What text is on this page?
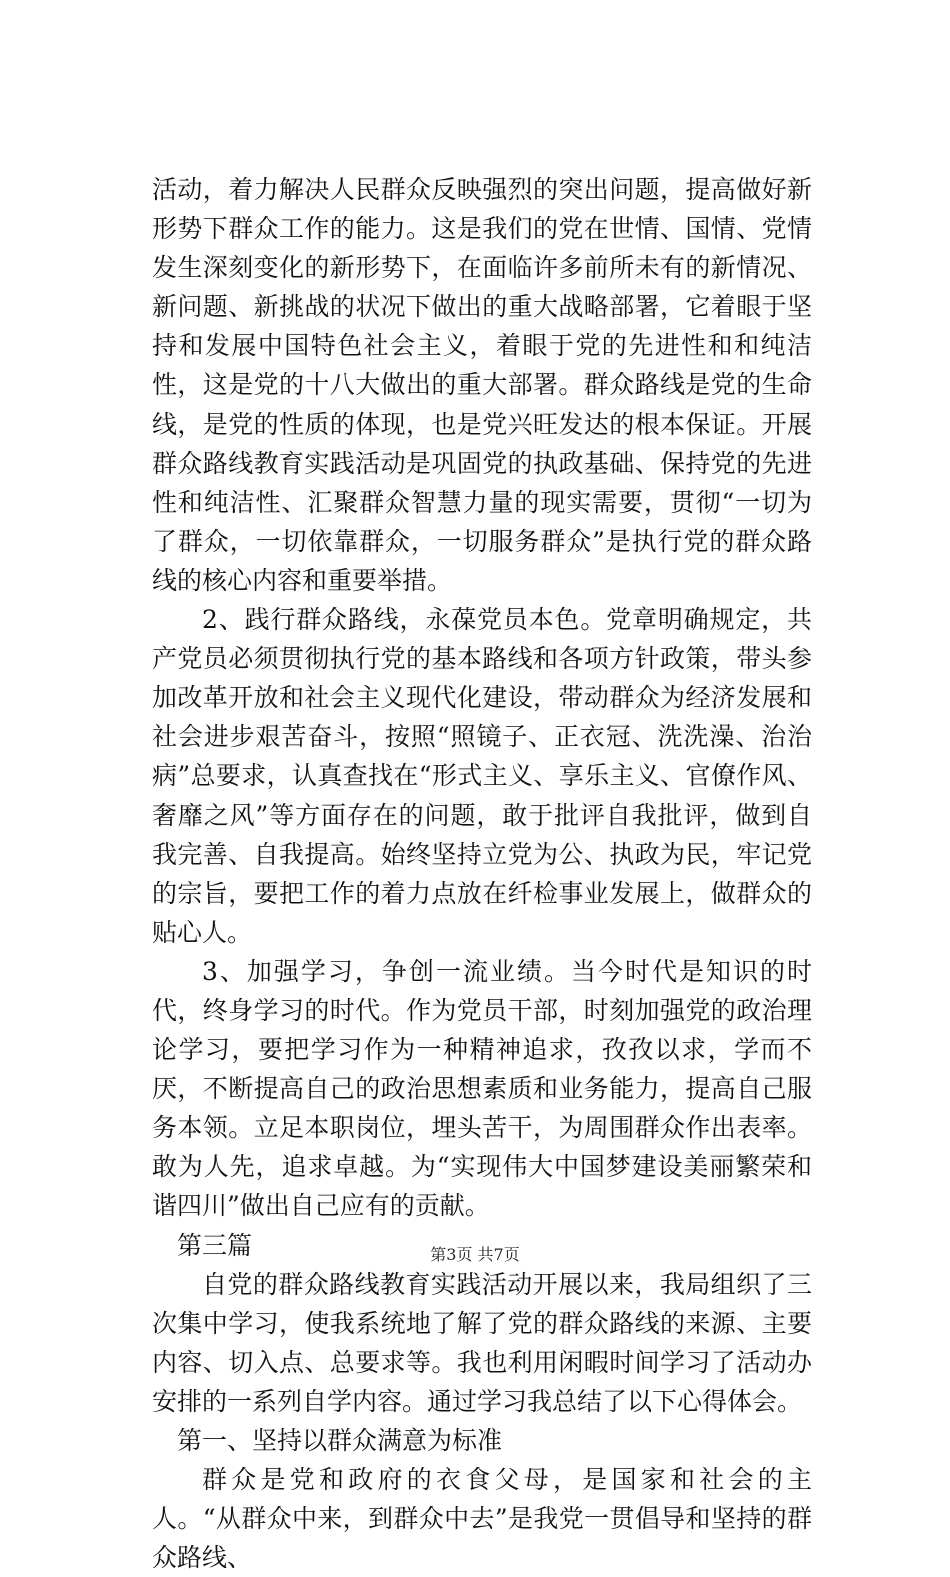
活动，着力解决人民群众反映强烈的突出问题，提高做好新形势下群众工作的能力。这是我们的党在世情、国情、党情发生深刻变化的新形势下，在面临许多前所未有的新情况、新问题、新挑战的状况下做出的重大战略部署，它着眼于坚持和发展中国特色社会主义，着眼于党的先进性和和纯洁性，这是党的十八大做出的重大部署。群众路线是党的生命线，是党的性质的体现，也是党兴旺发达的根本保证。开展群众路线教育实践活动是巩固党的执政基础、保持党的先进性和纯洁性、汇聚群众智慧力量的现实需要，贯彻“一切为了群众，一切依靠群众，一切服务群众”是执行党的群众路线的核心内容和重要举措。

2、践行群众路线，永葆党员本色。党章明确规定，共产党员必须贯彻执行党的基本路线和各项方针政策，带头参加改革开放和社会主义现代化建设，带动群众为经济发展和社会进步艰苦奋斗，按照“照镜子、正衣冠、洗洗澡、治治病”总要求，认真查找在“形式主义、享乐主义、官僚作风、奢靡之风”等方面存在的问题，敢于批评自我批评，做到自我完善、自我提高。始终坚持立党为公、执政为民，牢记党的宗旨，要把工作的着力点放在纤检事业发展上，做群众的贴心人。

3、加强学习，争创一流业绩。当今时代是知识的时代，终身学习的时代。作为党员干部，时刻加强党的政治理论学习，要把学习作为一种精神追求，孜孜以求，学而不厌，不断提高自己的政治思想素质和业务能力，提高自己服务本领。立足本职岗位，埋头苦干，为周围群众作出表率。敢为人先，追求卓越。为“实现伟大中国梦建设美丽繁荣和谐四川”做出自己应有的贡献。

第三篇

自党的群众路线教育实践活动开展以来，我局组织了三次集中学习，使我系统地了解了党的群众路线的来源、主要内容、切入点、总要求等。我也利用闲暇时间学习了活动办安排的一系列自学内容。通过学习我总结了以下心得体会。

第一、坚持以群众满意为标准

群众是党和政府的衣食父母，是国家和社会的主人。“从群众中来，到群众中去”是我党一贯倡导和坚持的群众路线、

第3页 共7页
